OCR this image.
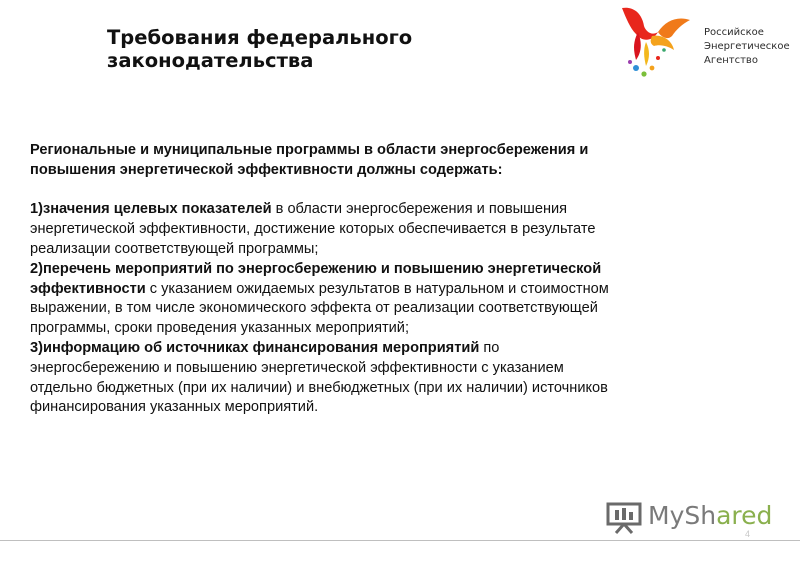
Требования федерального законодательства
Российское
Энергетическое
Агентство

Региональные и муниципальные программы в области энергосбережения и повышения энергетической эффективности должны содержать:

1)значения целевых показателей в области энергосбережения и повышения энергетической эффективности, достижение которых обеспечивается в результате реализации соответствующей программы;

2)перечень мероприятий по энергосбережению и повышению энергетической эффективности с указанием ожидаемых результатов в натуральном и стоимостном выражении, в том числе экономического эффекта от реализации соответствующей программы, сроки проведения указанных мероприятий;

3)информацию об источниках финансирования мероприятий по энергосбережению и повышению энергетической эффективности с указанием отдельно бюджетных (при их наличии) и внебюджетных (при их наличии) источников финансирования указанных мероприятий.

MyShared
4
